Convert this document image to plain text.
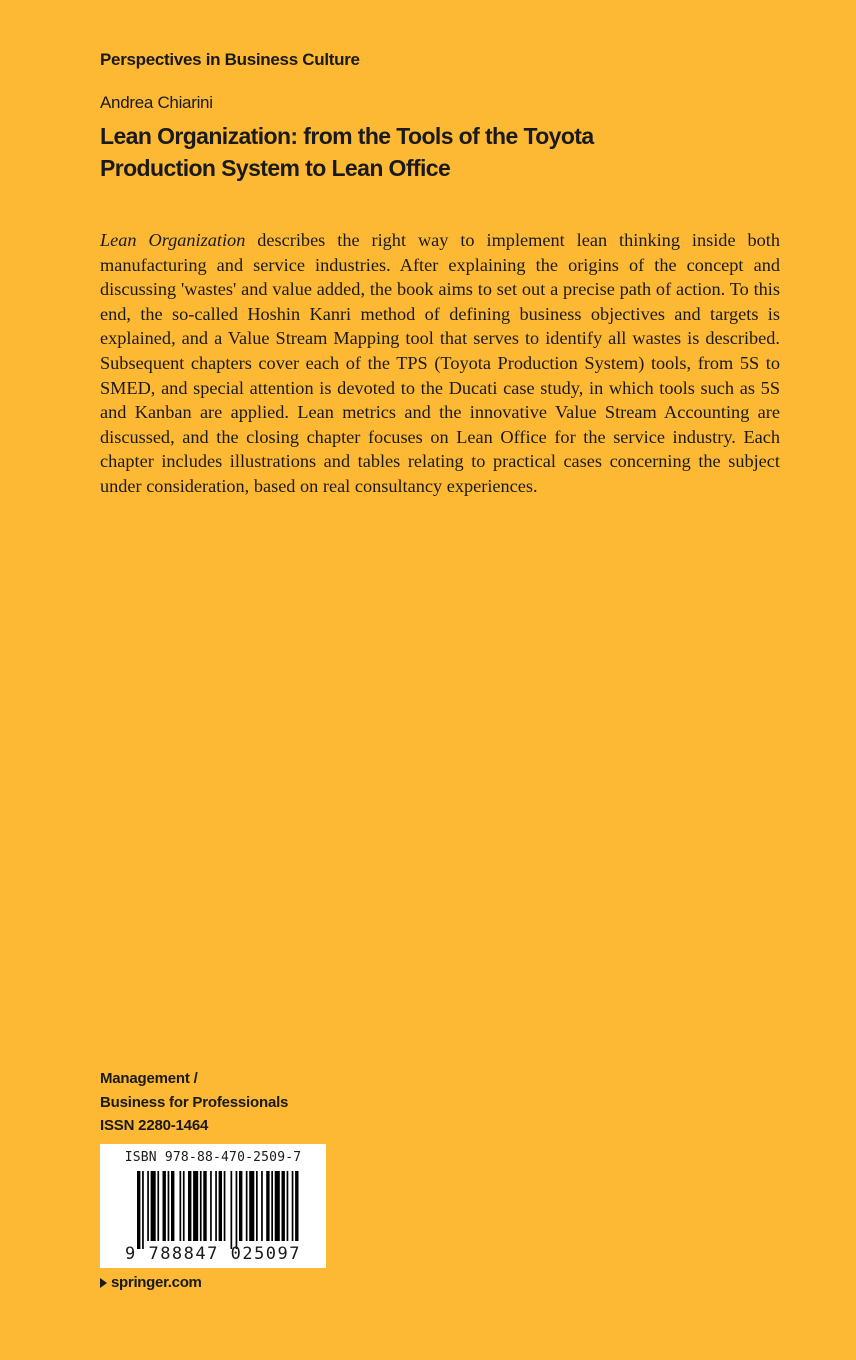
Perspectives in Business Culture
Andrea Chiarini
Lean Organization: from the Tools of the Toyota
Production System to Lean Office

Lean Organization describes the right way to implement lean thinking inside both manufacturing and service industries. After explaining the origins of the concept and discussing 'wastes' and value added, the book aims to set out a precise path of action. To this end, the so-called Hoshin Kanri method of defining business objectives and targets is explained, and a Value Stream Mapping tool that serves to identify all wastes is described. Subsequent chapters cover each of the TPS (Toyota Production System) tools, from 5S to SMED, and special attention is devoted to the Ducati case study, in which tools such as 5S and Kanban are applied. Lean metrics and the innovative Value Stream Accounting are discussed, and the closing chapter focuses on Lean Office for the service industry. Each chapter includes illustrations and tables relating to practical cases concerning the subject under consideration, based on real consultancy experiences.

Management /
Business for Professionals
ISSN 2280-1464
ISBN 978-88-470-2509-7
9 788847 025097
springer.com
